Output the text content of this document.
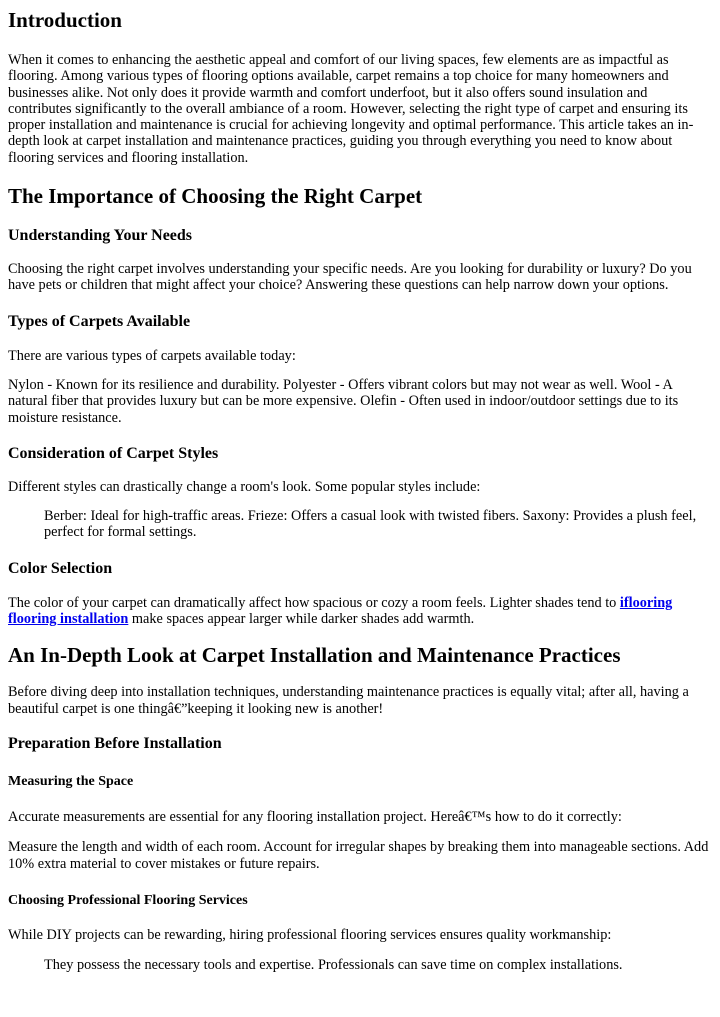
Introduction

When it comes to enhancing the aesthetic appeal and comfort of our living spaces, few elements are as impactful as flooring. Among various types of flooring options available, carpet remains a top choice for many homeowners and businesses alike. Not only does it provide warmth and comfort underfoot, but it also offers sound insulation and contributes significantly to the overall ambiance of a room. However, selecting the right type of carpet and ensuring its proper installation and maintenance is crucial for achieving longevity and optimal performance. This article takes an in-depth look at carpet installation and maintenance practices, guiding you through everything you need to know about flooring services and flooring installation.

The Importance of Choosing the Right Carpet
Understanding Your Needs

Choosing the right carpet involves understanding your specific needs. Are you looking for durability or luxury? Do you have pets or children that might affect your choice? Answering these questions can help narrow down your options.

Types of Carpets Available

There are various types of carpets available today:

Nylon - Known for its resilience and durability. Polyester - Offers vibrant colors but may not wear as well. Wool - A natural fiber that provides luxury but can be more expensive. Olefin - Often used in indoor/outdoor settings due to its moisture resistance.

Consideration of Carpet Styles

Different styles can drastically change a room's look. Some popular styles include:

Berber: Ideal for high-traffic areas. Frieze: Offers a casual look with twisted fibers. Saxony: Provides a plush feel, perfect for formal settings.
Color Selection

The color of your carpet can dramatically affect how spacious or cozy a room feels. Lighter shades tend to iflooring flooring installation make spaces appear larger while darker shades add warmth.

An In-Depth Look at Carpet Installation and Maintenance Practices

Before diving deep into installation techniques, understanding maintenance practices is equally vital; after all, having a beautiful carpet is one thingâ€”keeping it looking new is another!

Preparation Before Installation
Measuring the Space

Accurate measurements are essential for any flooring installation project. Hereâ€™s how to do it correctly:

Measure the length and width of each room. Account for irregular shapes by breaking them into manageable sections. Add 10% extra material to cover mistakes or future repairs.

Choosing Professional Flooring Services

While DIY projects can be rewarding, hiring professional flooring services ensures quality workmanship:

They possess the necessary tools and expertise. Professionals can save time on complex installations.
